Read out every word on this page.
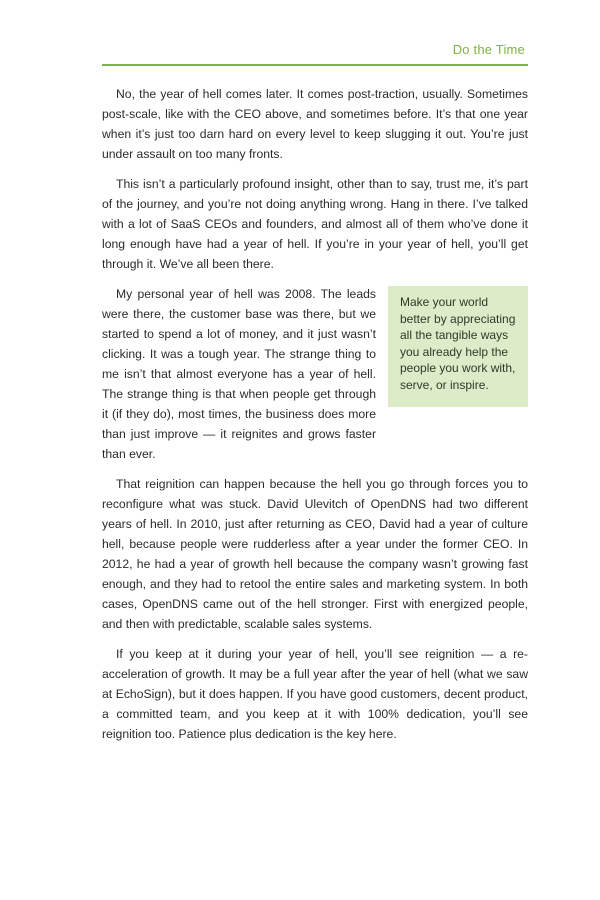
Do the Time

No, the year of hell comes later. It comes post-traction, usually. Sometimes post-scale, like with the CEO above, and sometimes before. It’s that one year when it’s just too darn hard on every level to keep slugging it out. You’re just under assault on too many fronts.

This isn’t a particularly profound insight, other than to say, trust me, it’s part of the journey, and you’re not doing anything wrong. Hang in there. I’ve talked with a lot of SaaS CEOs and founders, and almost all of them who’ve done it long enough have had a year of hell. If you’re in your year of hell, you’ll get through it. We’ve all been there.

My personal year of hell was 2008. The leads were there, the customer base was there, but we started to spend a lot of money, and it just wasn’t clicking. It was a tough year. The strange thing to me isn’t that almost everyone has a year of hell. The strange thing is that when people get through it (if they do), most times, the business does more than just improve — it reignites and grows faster than ever.

Make your world better by appreciating all the tangible ways you already help the people you work with, serve, or inspire.

That reignition can happen because the hell you go through forces you to reconfigure what was stuck. David Ulevitch of OpenDNS had two different years of hell. In 2010, just after returning as CEO, David had a year of culture hell, because people were rudderless after a year under the former CEO. In 2012, he had a year of growth hell because the company wasn’t growing fast enough, and they had to retool the entire sales and marketing system. In both cases, OpenDNS came out of the hell stronger. First with energized people, and then with predictable, scalable sales systems.

If you keep at it during your year of hell, you’ll see reignition — a re-acceleration of growth. It may be a full year after the year of hell (what we saw at EchoSign), but it does happen. If you have good customers, decent product, a committed team, and you keep at it with 100% dedication, you’ll see reignition too. Patience plus dedication is the key here.
